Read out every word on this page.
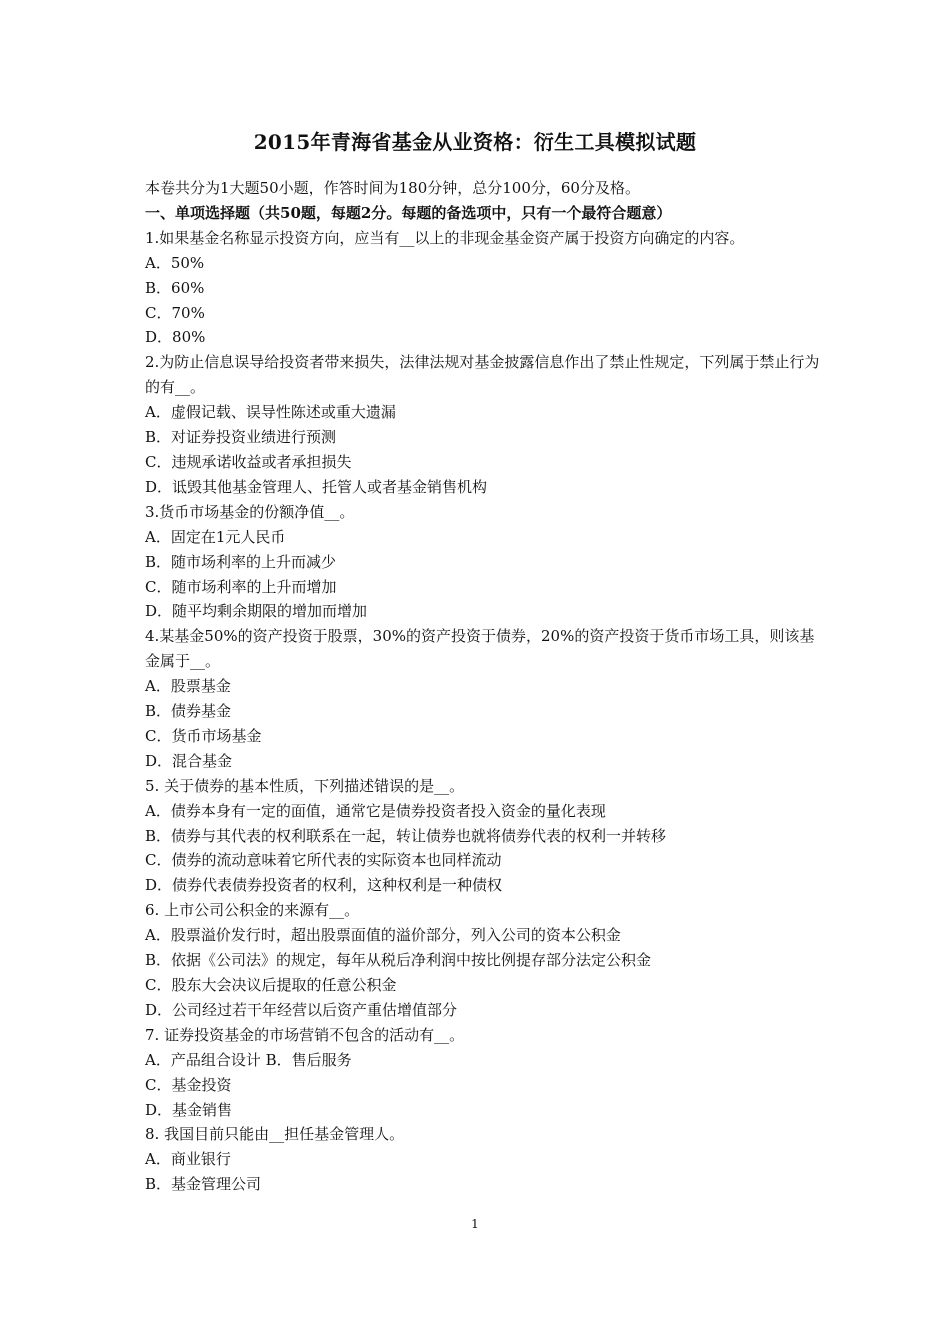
2015年青海省基金从业资格：衍生工具模拟试题
本卷共分为1大题50小题，作答时间为180分钟，总分100分，60分及格。
一、单项选择题（共50题，每题2分。每题的备选项中，只有一个最符合题意）
1.如果基金名称显示投资方向，应当有__以上的非现金基金资产属于投资方向确定的内容。
A．50%
B．60%
C．70%
D．80%
2.为防止信息误导给投资者带来损失，法律法规对基金披露信息作出了禁止性规定，下列属于禁止行为的有__。
A．虚假记载、误导性陈述或重大遗漏
B．对证券投资业绩进行预测
C．违规承诺收益或者承担损失
D．诋毁其他基金管理人、托管人或者基金销售机构
3.货币市场基金的份额净值__。
A．固定在1元人民币
B．随市场利率的上升而减少
C．随市场利率的上升而增加
D．随平均剩余期限的增加而增加
4.某基金50%的资产投资于股票，30%的资产投资于债券，20%的资产投资于货币市场工具，则该基金属于__。
A．股票基金
B．债券基金
C．货币市场基金
D．混合基金
5. 关于债券的基本性质，下列描述错误的是__。
A．债券本身有一定的面值，通常它是债券投资者投入资金的量化表现
B．债券与其代表的权利联系在一起，转让债券也就将债券代表的权利一并转移
C．债券的流动意味着它所代表的实际资本也同样流动
D．债券代表债券投资者的权利，这种权利是一种债权
6. 上市公司公积金的来源有__。
A．股票溢价发行时，超出股票面值的溢价部分，列入公司的资本公积金
B．依据《公司法》的规定，每年从税后净利润中按比例提存部分法定公积金
C．股东大会决议后提取的任意公积金
D．公司经过若干年经营以后资产重估增值部分
7. 证券投资基金的市场营销不包含的活动有__。
A．产品组合设计 B．售后服务
C．基金投资
D．基金销售
8. 我国目前只能由__担任基金管理人。
A．商业银行
B．基金管理公司
1
